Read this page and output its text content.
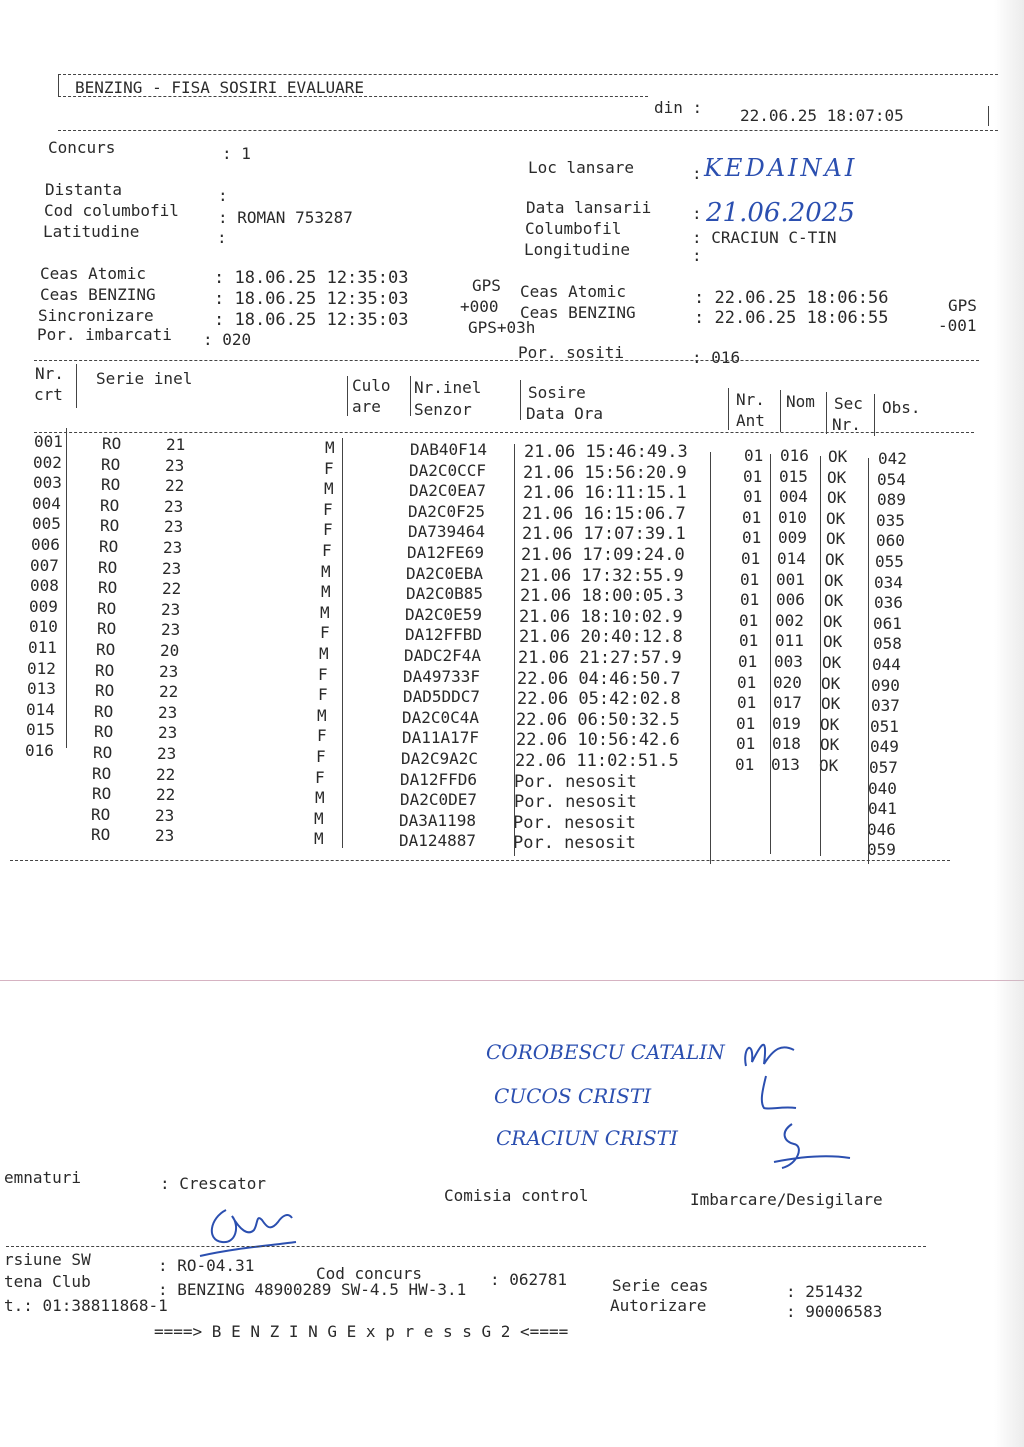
BENZING - FISA SOSIRI EVALUARE
din : 22.06.25 18:07:05
Concurs	: 1
Distanta	:
Cod columbofil : ROMAN 753287
Latitudine	:
Loc lansare	: KEDAINAI
Data lansarii	: 21.06.2025
Columbofil	: CRACIUN C-TIN
Longitudine	:
Ceas Atomic	: 18.06.25 12:35:03	GPS
Ceas BENZING	: 18.06.25 12:35:03	+000
Sincronizare	: 18.06.25 12:35:03	GPS+03h
Por. imbarcati : 020
Ceas Atomic	: 22.06.25 18:06:56	GPS
Ceas BENZING	: 22.06.25 18:06:55	-001
Por. sositi	: 016
Nr.
crt
Serie inel	Culo
are
Nr.inel
Senzor
Sosire
Data Ora
Nr.
Ant
Nom Sec
Nr.
Obs.
001 RO	21	M	DAB40F14 21.06 15:46:49.3	01 016 OK 042
002 RO	23	F	DA2C0CCF 21.06 15:56:20.9	01 015 OK 054
003 RO	22	M	DA2C0EA7 21.06 16:11:15.1	01 004 OK 089
004 RO	23	F	DA2C0F25 21.06 16:15:06.7	01 010 OK 035
005 RO	23	F	DA739464 21.06 17:07:39.1	01 009 OK 060
006 RO	23	F	DA12FE69 21.06 17:09:24.0	01 014 OK 055
007 RO	23	M	DA2C0EBA 21.06 17:32:55.9	01 001 OK 034
008 RO	22	M	DA2C0B85 21.06 18:00:05.3	01 006 OK 036
009 RO	23	M	DA2C0E59 21.06 18:10:02.9	01 002 OK 061
010 RO	23	F	DA12FFBD 21.06 20:40:12.8	01 011 OK 058
011 RO	20	M	DADC2F4A 21.06 21:27:57.9	01 003 OK 044
012 RO	23	F	DA49733F 22.06 04:46:50.7	01 020 OK 090
013 RO	22	F	DAD5DDC7 22.06 05:42:02.8	01 017 OK 037
014 RO	23	M	DA2C0C4A 22.06 06:50:32.5	01 019 OK 051
015 RO	23	F	DA11A17F 22.06 10:56:42.6	01 018 OK 049
016 RO	23	F	DA2C9A2C 22.06 11:02:51.5	01 013 OK 057
RO	22	F	DA12FFD6 Por. nesosit	040
RO	22	M	DA2C0DE7 Por. nesosit	041
RO	23	M	DA3A1198 Por. nesosit	046
RO	23	M	DA124887 Por. nesosit	059
COROBESCU CATALIN
CUCOS CRISTI
CRACIUN CRISTI
emnaturi	: Crescator
Comisia control	Imbarcare/Desigilare
rsiune SW	: RO-04.31	Cod concurs	: 062781	Serie ceas	: 251432
tena Club	: BENZING 48900289 SW-4.5 HW-3.1
Autorizare	: 90006583
t.: 01:38811868-1
====> B E N Z I N G E x p r e s s G 2 <====
